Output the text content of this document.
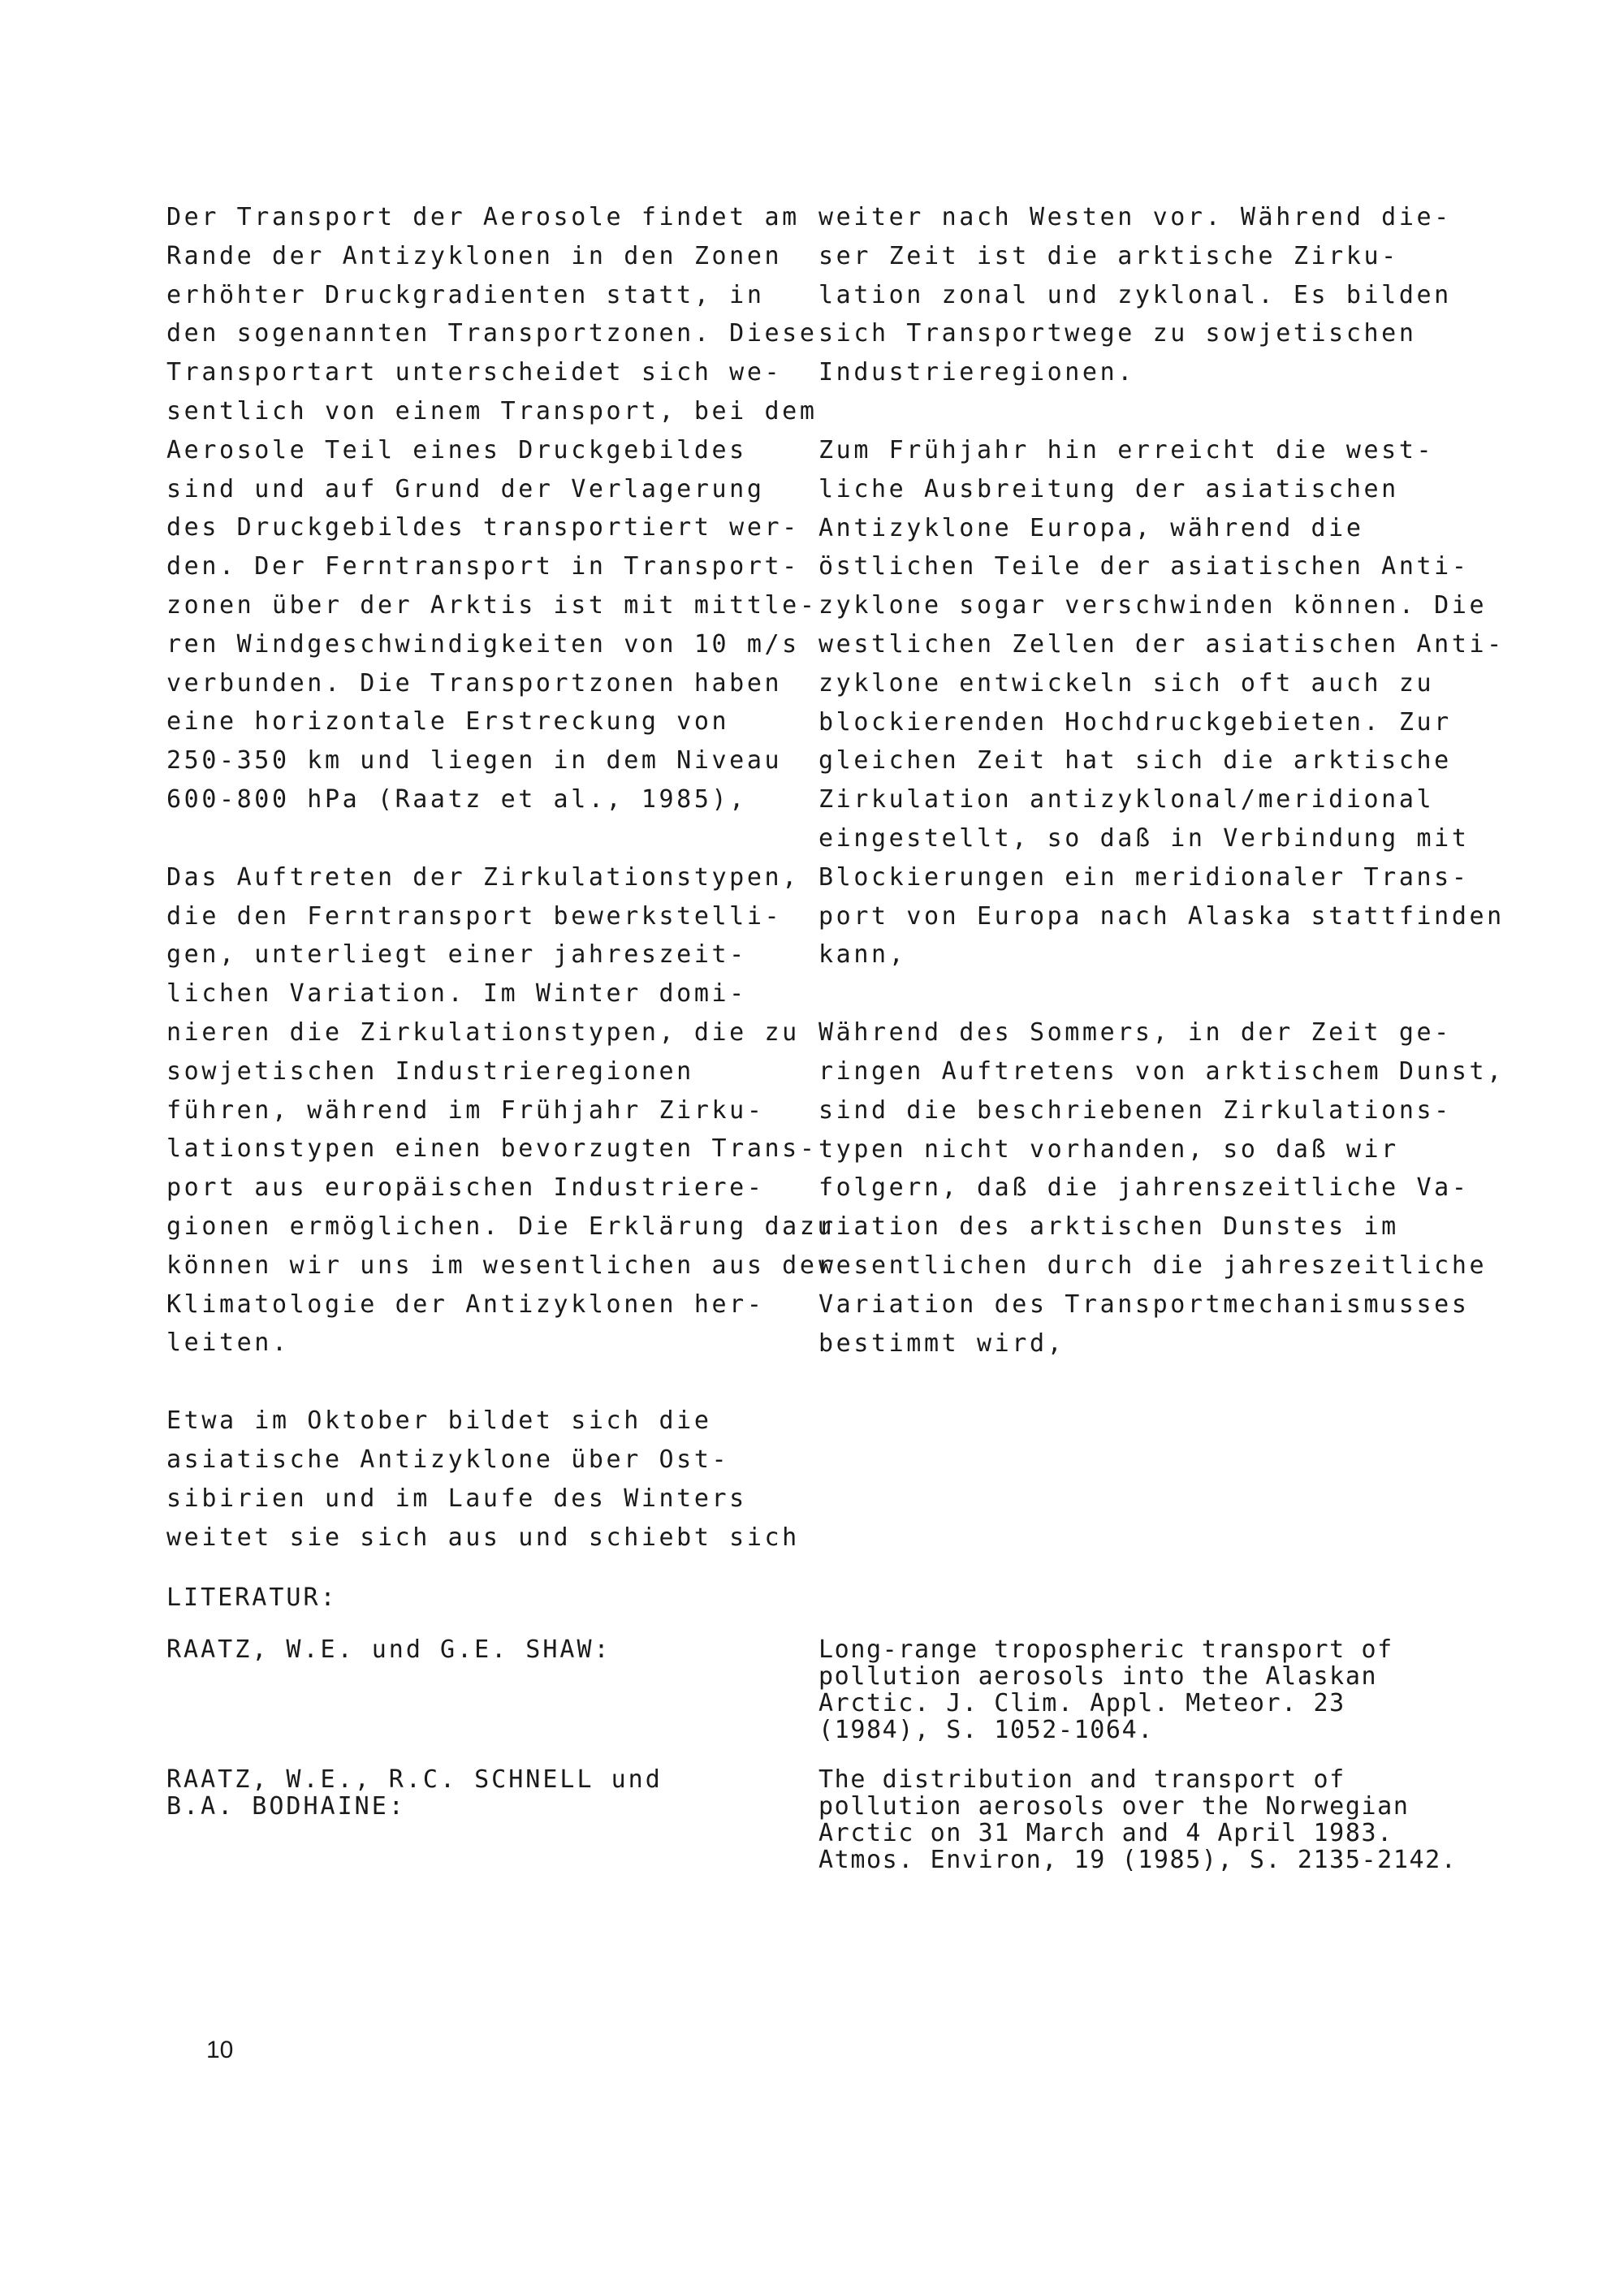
Der Transport der Aerosole findet am
Rande der Antizyklonen in den Zonen
erhöhter Druckgradienten statt, in
den sogenannten Transportzonen. Diese
Transportart unterscheidet sich we-
sentlich von einem Transport, bei dem
Aerosole Teil eines Druckgebildes
sind und auf Grund der Verlagerung
des Druckgebildes transportiert wer-
den. Der Ferntransport in Transport-
zonen über der Arktis ist mit mittle-
ren Windgeschwindigkeiten von 10 m/s
verbunden. Die Transportzonen haben
eine horizontale Erstreckung von
250-350 km und liegen in dem Niveau
600-800 hPa (Raatz et al., 1985),

Das Auftreten der Zirkulationstypen,
die den Ferntransport bewerkstelli-
gen, unterliegt einer jahreszeit-
lichen Variation. Im Winter domi-
nieren die Zirkulationstypen, die zu
sowjetischen Industrieregionen
führen, während im Frühjahr Zirku-
lationstypen einen bevorzugten Trans-
port aus europäischen Industriere-
gionen ermöglichen. Die Erklärung dazu
können wir uns im wesentlichen aus der
Klimatologie der Antizyklonen her-
leiten.

Etwa im Oktober bildet sich die
asiatische Antizyklone über Ost-
sibirien und im Laufe des Winters
weitet sie sich aus und schiebt sich

weiter nach Westen vor. Während die-
ser Zeit ist die arktische Zirku-
lation zonal und zyklonal. Es bilden
sich Transportwege zu sowjetischen
Industrieregionen.

Zum Frühjahr hin erreicht die west-
liche Ausbreitung der asiatischen
Antizyklone Europa, während die
östlichen Teile der asiatischen Anti-
zyklone sogar verschwinden können. Die
westlichen Zellen der asiatischen Anti-
zyklone entwickeln sich oft auch zu
blockierenden Hochdruckgebieten. Zur
gleichen Zeit hat sich die arktische
Zirkulation antizyklonal/meridional
eingestellt, so daß in Verbindung mit
Blockierungen ein meridionaler Trans-
port von Europa nach Alaska stattfinden
kann,

Während des Sommers, in der Zeit ge-
ringen Auftretens von arktischem Dunst,
sind die beschriebenen Zirkulations-
typen nicht vorhanden, so daß wir
folgern, daß die jahrenszeitliche Va-
riation des arktischen Dunstes im
wesentlichen durch die jahreszeitliche
Variation des Transportmechanismusses
bestimmt wird,

LITERATUR:
RAATZ, W.E. und G.E. SHAW:	Long-range tropospheric transport of
pollution aerosols into the Alaskan
Arctic. J. Clim. Appl. Meteor. 23
(1984), S. 1052-1064.
RAATZ, W.E., R.C. SCHNELL und
B.A. BODHAINE:
The distribution and transport of
pollution aerosols over the Norwegian
Arctic on 31 March and 4 April 1983.
Atmos. Environ, 19 (1985), S. 2135-2142.
10
